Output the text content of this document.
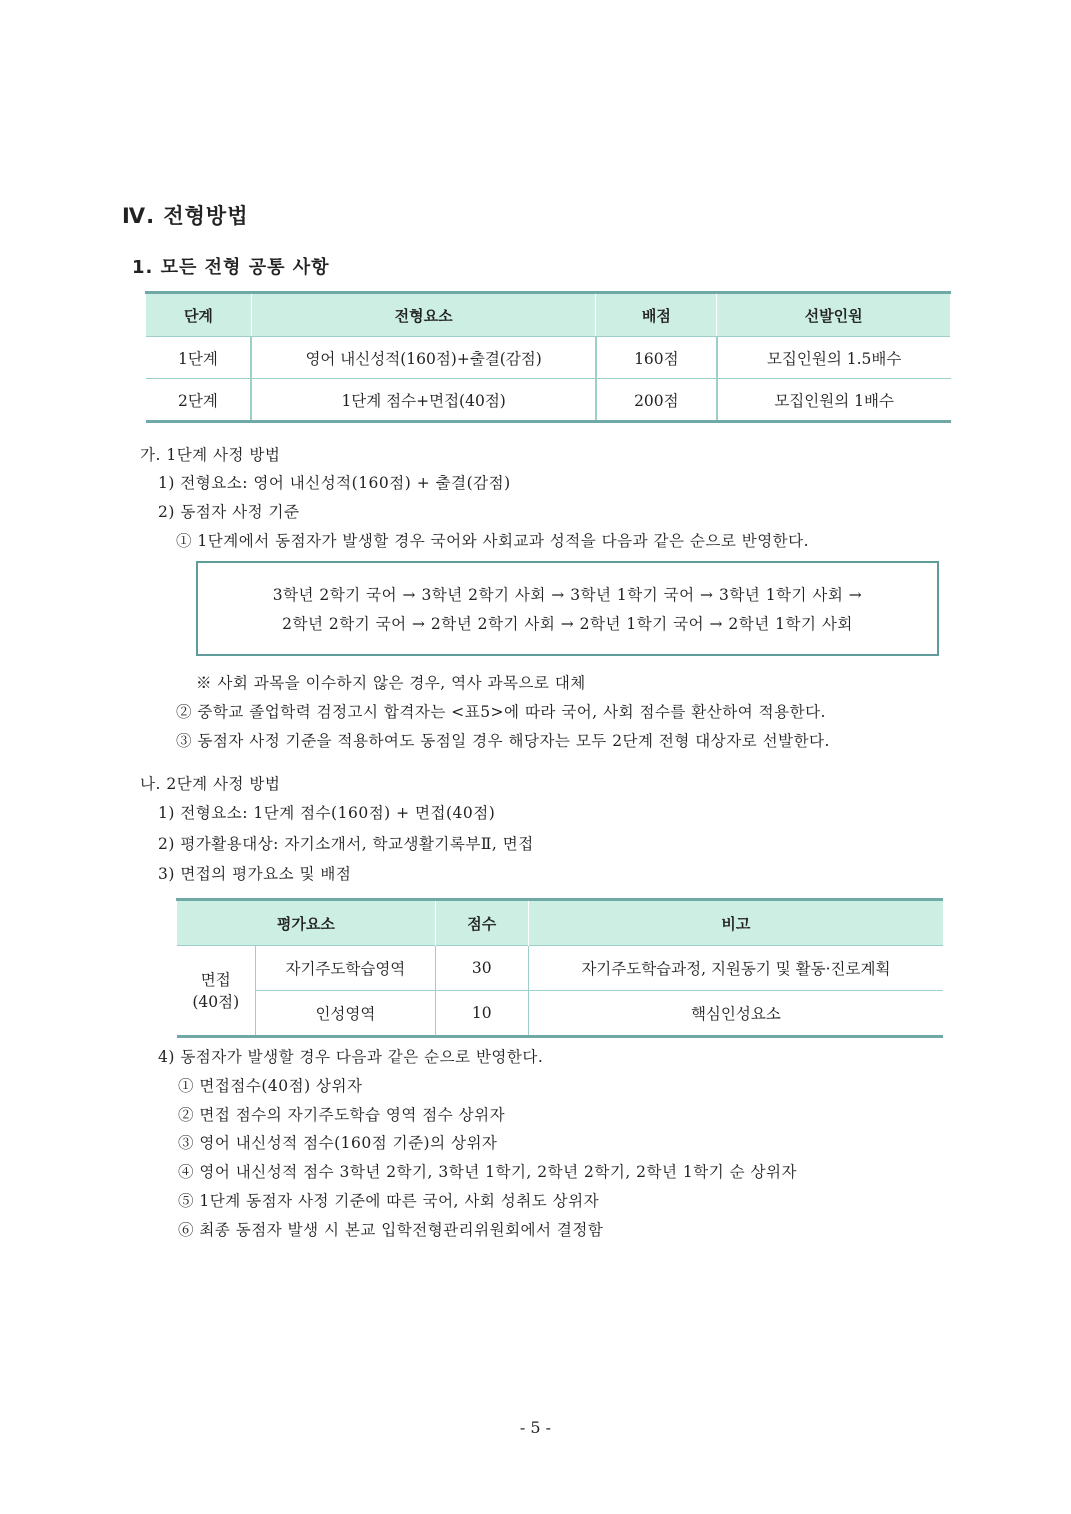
Ⅳ. 전형방법
1. 모든 전형 공통 사항
단계	전형요소	배점	선발인원
1단계	영어 내신성적(160점)+출결(감점)	160점	모집인원의 1.5배수
2단계	1단계 점수+면접(40점)	200점	모집인원의 1배수
가. 1단계 사정 방법
1) 전형요소: 영어 내신성적(160점) + 출결(감점)
2) 동점자 사정 기준
① 1단계에서 동점자가 발생할 경우 국어와 사회교과 성적을 다음과 같은 순으로 반영한다.
3학년 2학기 국어 → 3학년 2학기 사회 → 3학년 1학기 국어 → 3학년 1학기 사회 →
2학년 2학기 국어 → 2학년 2학기 사회 → 2학년 1학기 국어 → 2학년 1학기 사회
※ 사회 과목을 이수하지 않은 경우, 역사 과목으로 대체
② 중학교 졸업학력 검정고시 합격자는 <표5>에 따라 국어, 사회 점수를 환산하여 적용한다.
③ 동점자 사정 기준을 적용하여도 동점일 경우 해당자는 모두 2단계 전형 대상자로 선발한다.
나. 2단계 사정 방법
1) 전형요소: 1단계 점수(160점) + 면접(40점)
2) 평가활용대상: 자기소개서, 학교생활기록부Ⅱ, 면접
3) 면접의 평가요소 및 배점
평가요소		점수	비고

면접
(40점)	자기주도학습영역	30	자기주도학습과정, 지원동기 및 활동·진로계획
	인성영역	10	핵심인성요소
4) 동점자가 발생할 경우 다음과 같은 순으로 반영한다.
① 면접점수(40점) 상위자
② 면접 점수의 자기주도학습 영역 점수 상위자
③ 영어 내신성적 점수(160점 기준)의 상위자
④ 영어 내신성적 점수 3학년 2학기, 3학년 1학기, 2학년 2학기, 2학년 1학기 순 상위자
⑤ 1단계 동점자 사정 기준에 따른 국어, 사회 성취도 상위자
⑥ 최종 동점자 발생 시 본교 입학전형관리위원회에서 결정함
- 5 -
